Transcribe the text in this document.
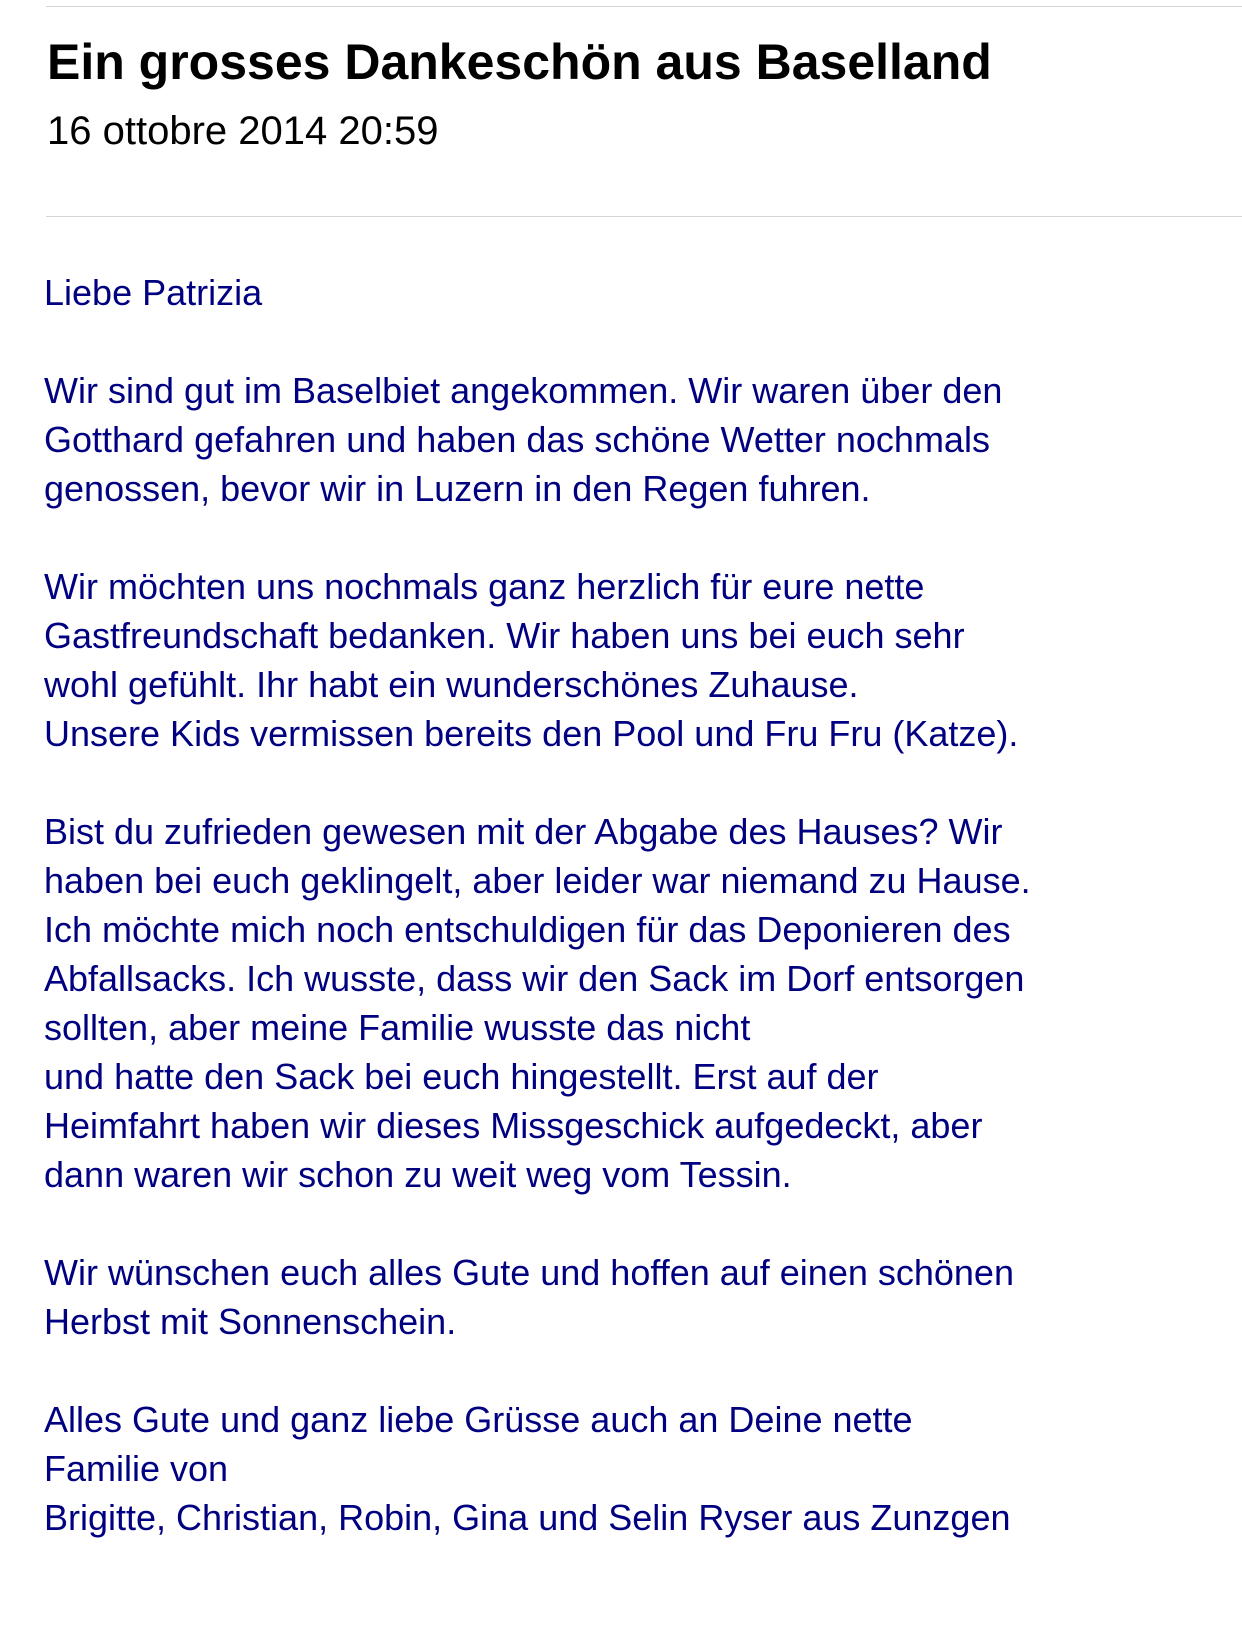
Ein grosses Dankeschön aus Baselland
16 ottobre 2014 20:59

Liebe Patrizia

Wir sind gut im Baselbiet angekommen. Wir waren über den
Gotthard gefahren und haben das schöne Wetter nochmals
genossen, bevor wir in Luzern in den Regen fuhren.

Wir möchten uns nochmals ganz herzlich für eure nette
Gastfreundschaft bedanken. Wir haben uns bei euch sehr
wohl gefühlt. Ihr habt ein wunderschönes Zuhause.
Unsere Kids vermissen bereits den Pool und Fru Fru (Katze).

Bist du zufrieden gewesen mit der Abgabe des Hauses? Wir
haben bei euch geklingelt, aber leider war niemand zu Hause.
Ich möchte mich noch entschuldigen für das Deponieren des
Abfallsacks. Ich wusste, dass wir den Sack im Dorf entsorgen
sollten, aber meine Familie wusste das nicht
und hatte den Sack bei euch hingestellt. Erst auf der
Heimfahrt haben wir dieses Missgeschick aufgedeckt, aber
dann waren wir schon zu weit weg vom Tessin.

Wir wünschen euch alles Gute und hoffen auf einen schönen
Herbst mit Sonnenschein.

Alles Gute und ganz liebe Grüsse auch an Deine nette
Familie von
Brigitte, Christian, Robin, Gina und Selin Ryser aus Zunzgen
